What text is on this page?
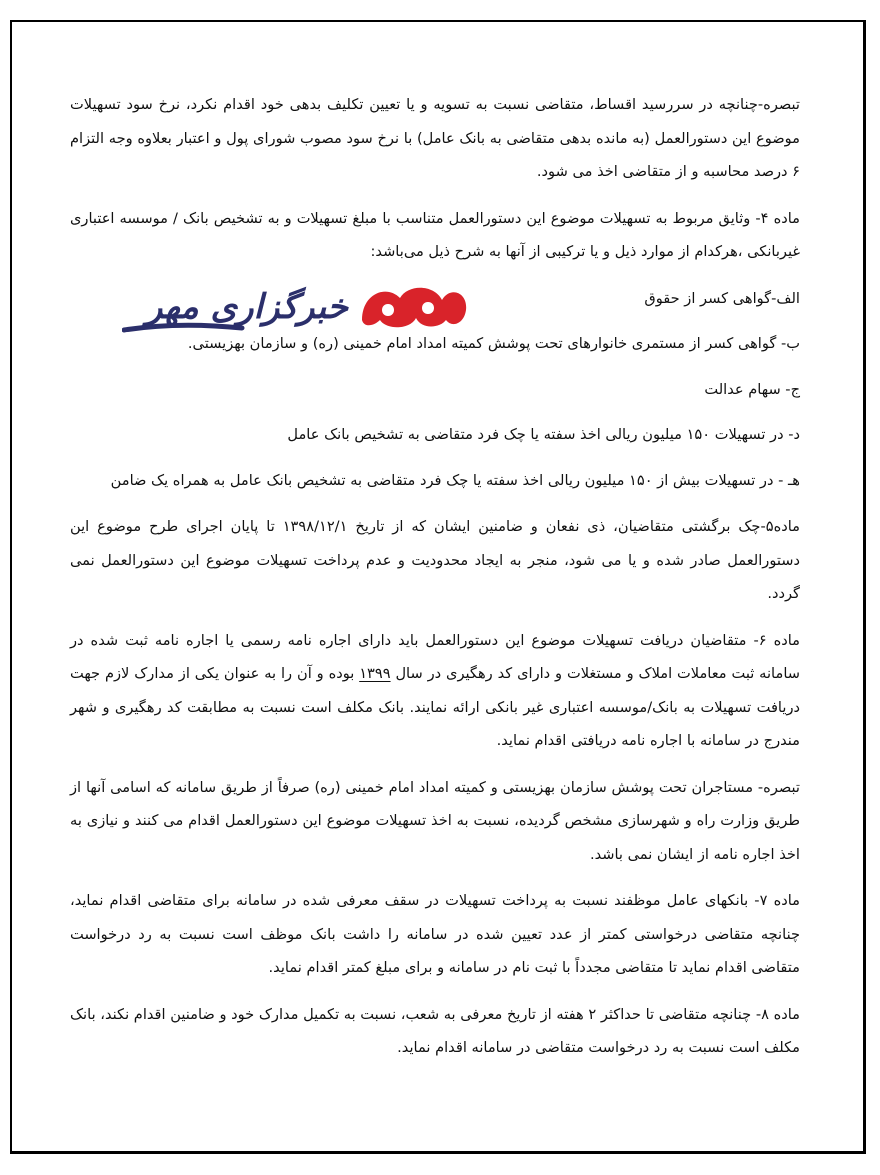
تبصره-چنانچه در سررسید اقساط، متقاضی نسبت به تسویه و یا تعیین تکلیف بدهی خود اقدام نکرد، نرخ سود تسهیلات موضوع این دستورالعمل (به مانده بدهی متقاضی به بانک عامل) با نرخ سود مصوب شورای پول و اعتبار بعلاوه وجه التزام ۶ درصد محاسبه و از متقاضی اخذ می شود.

ماده ۴- وثایق مربوط به تسهیلات موضوع این دستورالعمل متناسب با مبلغ تسهیلات و به تشخیص بانک / موسسه اعتباری غیربانکی ،هرکدام از موارد ذیل و یا ترکیبی از آنها به شرح ذیل می‌باشد:

الف-گواهی کسر از حقوق

ب- گواهی کسر از مستمری خانوارهای تحت پوشش کمیته امداد امام خمینی (ره) و سازمان بهزیستی.

ج- سهام عدالت

د- در تسهیلات ۱۵۰ میلیون ریالی اخذ سفته یا چک فرد متقاضی به تشخیص بانک عامل

هـ - در تسهیلات بیش از ۱۵۰ میلیون ریالی اخذ سفته یا چک فرد متقاضی به تشخیص بانک عامل به همراه یک ضامن

ماده۵-چک برگشتی متقاضیان، ذی نفعان و ضامنین ایشان که از تاریخ ۱۳۹۸/۱۲/۱ تا پایان اجرای طرح موضوع این دستورالعمل صادر شده و یا می شود، منجر به ایجاد محدودیت و عدم پرداخت تسهیلات موضوع این دستورالعمل نمی گردد.

ماده ۶- متقاضیان دریافت تسهیلات موضوع این دستورالعمل باید دارای اجاره نامه رسمی یا اجاره نامه ثبت شده در سامانه ثبت معاملات املاک و مستغلات و دارای کد رهگیری در سال ۱۳۹۹ بوده و آن را به عنوان یکی از مدارک لازم جهت دریافت تسهیلات به بانک/موسسه اعتباری غیر بانکی ارائه نمایند. بانک مکلف است نسبت به مطابقت کد رهگیری و شهر مندرج در سامانه با اجاره نامه دریافتی اقدام نماید.

تبصره- مستاجران تحت پوشش سازمان بهزیستی و کمیته امداد امام خمینی (ره) صرفاً از طریق سامانه که اسامی آنها از طریق وزارت راه و شهرسازی مشخص گردیده، نسبت به اخذ تسهیلات موضوع این دستورالعمل اقدام می کنند و نیازی به اخذ اجاره نامه از ایشان نمی باشد.

ماده ۷- بانکهای عامل موظفند نسبت به پرداخت تسهیلات در سقف معرفی شده در سامانه برای متقاضی اقدام نماید، چنانچه متقاضی درخواستی کمتر از عدد تعیین شده در سامانه را داشت بانک موظف است نسبت به رد درخواست متقاضی اقدام نماید تا متقاضی مجدداً با ثبت نام در سامانه و برای مبلغ کمتر اقدام نماید.

ماده ۸- چنانچه متقاضی تا حداکثر ۲ هفته از تاریخ معرفی به شعب، نسبت به تکمیل مدارک خود و ضامنین اقدام نکند، بانک مکلف است نسبت به رد درخواست متقاضی در سامانه اقدام نماید.

خبرگزاری مهر
